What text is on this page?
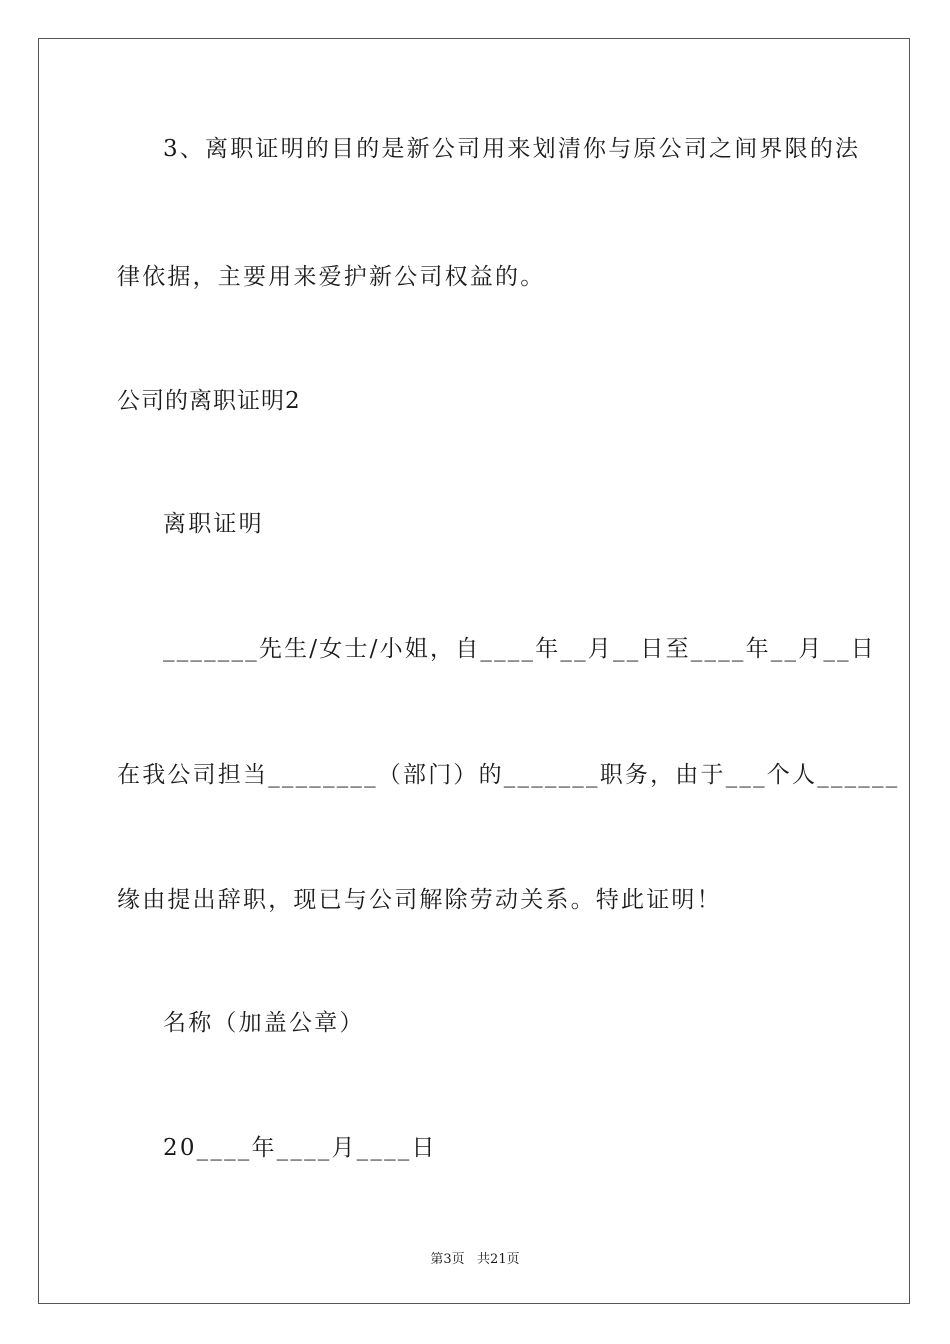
3、离职证明的目的是新公司用来划清你与原公司之间界限的法
律依据，主要用来爱护新公司权益的。
公司的离职证明2
离职证明
_______先生/女士/小姐，自____年__月__日至____年__月__日
在我公司担当________（部门）的_______职务，由于___个人______
缘由提出辞职，现已与公司解除劳动关系。特此证明！
名称（加盖公章）
20____年____月____日
第3页   共21页
